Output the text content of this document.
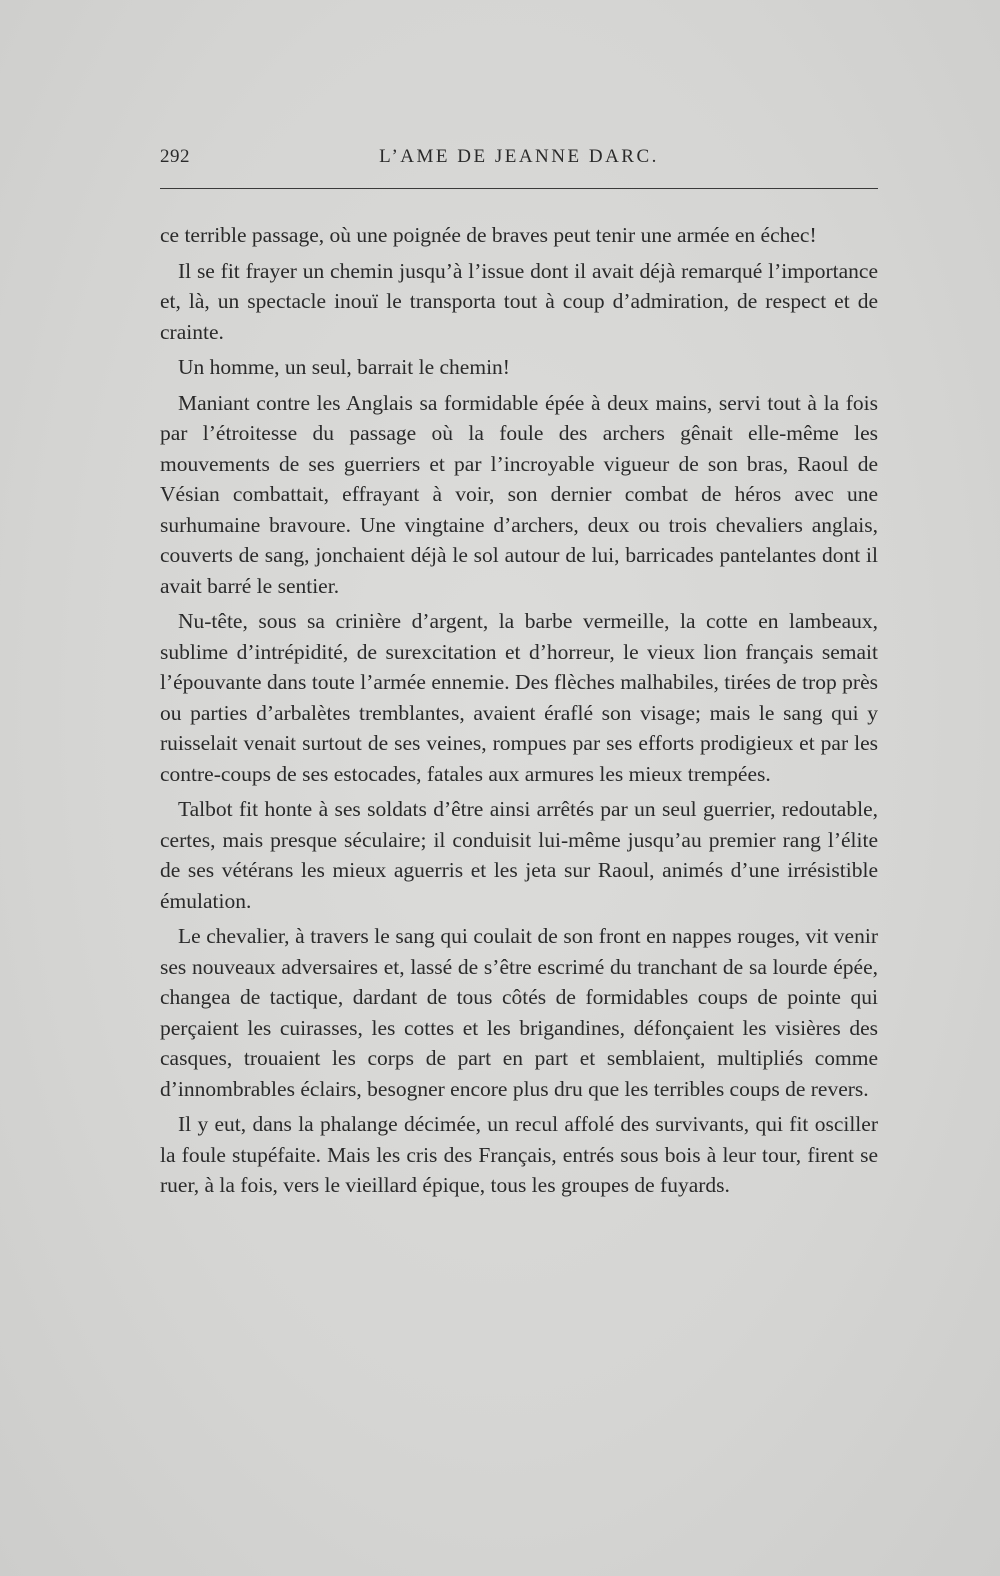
292	L’AME DE JEANNE DARC.

ce terrible passage, où une poignée de braves peut tenir une armée en échec!

Il se fit frayer un chemin jusqu’à l’issue dont il avait déjà remarqué l’importance et, là, un spectacle inouï le transporta tout à coup d’admiration, de respect et de crainte.

Un homme, un seul, barrait le chemin!

Maniant contre les Anglais sa formidable épée à deux mains, servi tout à la fois par l’étroitesse du passage où la foule des archers gênait elle-même les mouvements de ses guerriers et par l’incroyable vigueur de son bras, Raoul de Vésian combattait, effrayant à voir, son dernier combat de héros avec une surhumaine bravoure. Une vingtaine d’archers, deux ou trois chevaliers anglais, couverts de sang, jonchaient déjà le sol autour de lui, barricades pantelantes dont il avait barré le sentier.

Nu-tête, sous sa crinière d’argent, la barbe vermeille, la cotte en lambeaux, sublime d’intrépidité, de surexcitation et d’horreur, le vieux lion français semait l’épouvante dans toute l’armée ennemie. Des flèches malhabiles, tirées de trop près ou parties d’arbalètes tremblantes, avaient éraflé son visage; mais le sang qui y ruisselait venait surtout de ses veines, rompues par ses efforts prodigieux et par les contre-coups de ses estocades, fatales aux armures les mieux trempées.

Talbot fit honte à ses soldats d’être ainsi arrêtés par un seul guerrier, redoutable, certes, mais presque séculaire; il conduisit lui-même jusqu’au premier rang l’élite de ses vétérans les mieux aguerris et les jeta sur Raoul, animés d’une irrésistible émulation.

Le chevalier, à travers le sang qui coulait de son front en nappes rouges, vit venir ses nouveaux adversaires et, lassé de s’être escrimé du tranchant de sa lourde épée, changea de tactique, dardant de tous côtés de formidables coups de pointe qui perçaient les cuirasses, les cottes et les brigandines, défonçaient les visières des casques, trouaient les corps de part en part et semblaient, multipliés comme d’innombrables éclairs, besogner encore plus dru que les terribles coups de revers.

Il y eut, dans la phalange décimée, un recul affolé des survivants, qui fit osciller la foule stupéfaite. Mais les cris des Français, entrés sous bois à leur tour, firent se ruer, à la fois, vers le vieillard épique, tous les groupes de fuyards.
